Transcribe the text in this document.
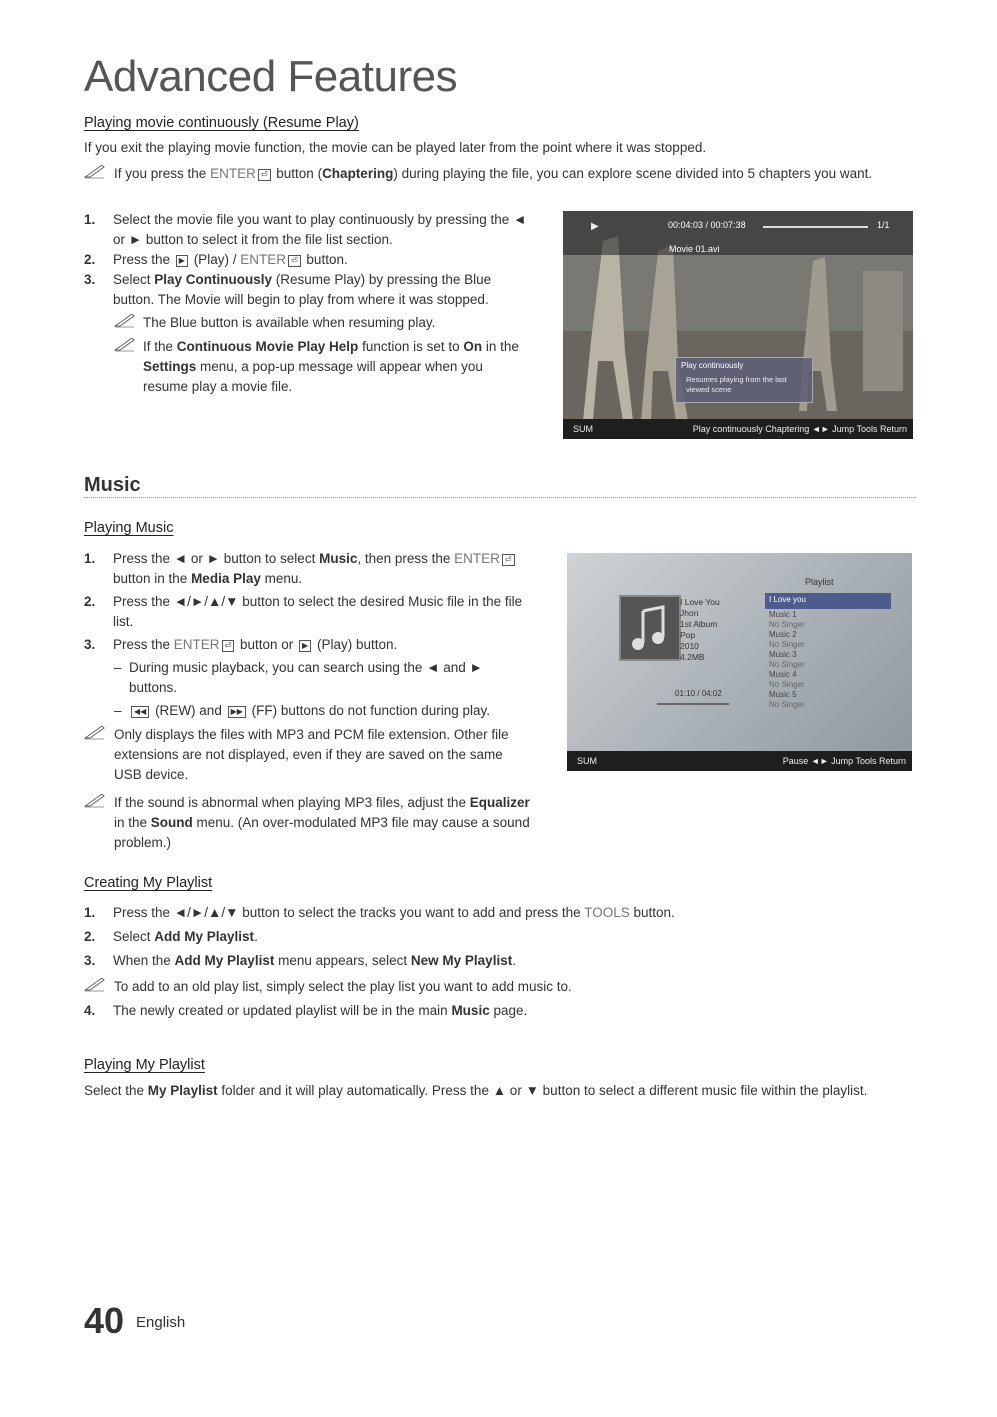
Advanced Features
Playing movie continuously (Resume Play)
If you exit the playing movie function, the movie can be played later from the point where it was stopped.
If you press the ENTER ⏎ button (Chaptering) during playing the file, you can explore scene divided into 5 chapters you want.
1. Select the movie file you want to play continuously by pressing the ◄ or ► button to select it from the file list section.
2. Press the ▶ (Play) / ENTER ⏎ button.
3. Select Play Continuously (Resume Play) by pressing the Blue button. The Movie will begin to play from where it was stopped.
The Blue button is available when resuming play.
If the Continuous Movie Play Help function is set to On in the Settings menu, a pop-up message will appear when you resume play a movie file.
▶	00:04:03 / 00:07:38	1/1
Movie 01.avi
Play continuously
Resumes playing from the last viewed scene
SUM	Play continuously Chaptering ◄► Jump Tools Return
Music
Playing Music
1. Press the ◄ or ► button to select Music, then press the ENTER ⏎ button in the Media Play menu.
2. Press the ◄/►/▲/▼ button to select the desired Music file in the file list.
3. Press the ENTER ⏎ button or ▶ (Play) button.
– During music playback, you can search using the ◄ and ► buttons.
– ◀◀ (REW) and ▶▶ (FF) buttons do not function during play.
Only displays the files with MP3 and PCM file extension. Other file extensions are not displayed, even if they are saved on the same USB device.
If the sound is abnormal when playing MP3 files, adjust the Equalizer in the Sound menu. (An over-modulated MP3 file may cause a sound problem.)
Playlist
I Love You
Jhon
1st Album
Pop
2010
4.2MB
01:10 / 04:02
I Love you
Music 1
No Singer
Music 2
No Singer
Music 3
No Singer
Music 4
No Singer
Music 5
No Singer
SUM	Pause ◄► Jump Tools Return
Creating My Playlist
1. Press the ◄/►/▲/▼ button to select the tracks you want to add and press the TOOLS button.
2. Select Add My Playlist.
3. When the Add My Playlist menu appears, select New My Playlist.
To add to an old play list, simply select the play list you want to add music to.
4. The newly created or updated playlist will be in the main Music page.
Playing My Playlist
Select the My Playlist folder and it will play automatically. Press the ▲ or ▼ button to select a different music file within the playlist.
40 English
